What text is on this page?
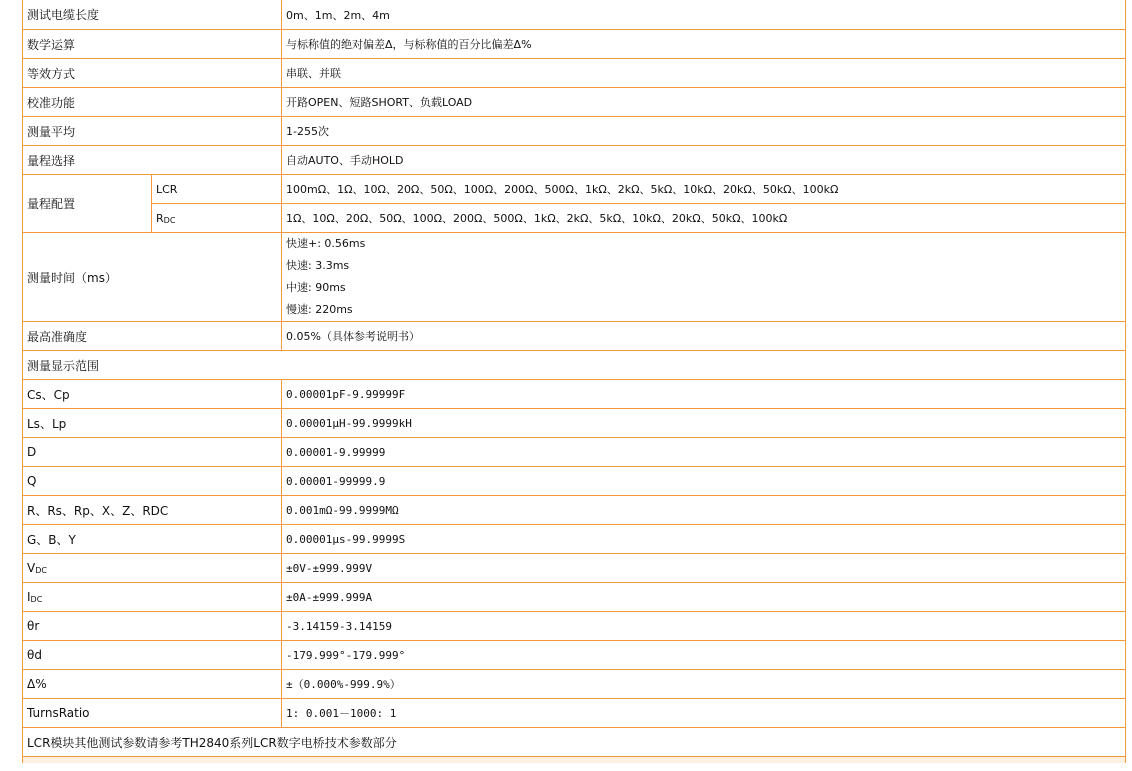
测试电缆长度		0m、1m、2m、4m
数学运算		与标称值的绝对偏差Δ，与标称值的百分比偏差Δ%
等效方式		串联、并联
校准功能		开路OPEN、短路SHORT、负载LOAD
测量平均		1-255次
量程选择		自动AUTO、手动HOLD
量程配置	LCR	100mΩ、1Ω、10Ω、20Ω、50Ω、100Ω、200Ω、500Ω、1kΩ、2kΩ、5kΩ、10kΩ、20kΩ、50kΩ、100kΩ
	$R_{DC}$	1Ω、10Ω、20Ω、50Ω、100Ω、200Ω、500Ω、1kΩ、2kΩ、5kΩ、10kΩ、20kΩ、50kΩ、100kΩ
测量时间（ms）		快速+: 0.56ms
快速: 3.3ms
中速: 90ms
慢速: 220ms

最高准确度		0.05%（具体参考说明书）
测量显示范围		
Cs、Cp		0.00001pF-9.99999F
Ls、Lp		0.00001μH-99.9999kH
D		0.00001-9.99999
Q		0.00001-99999.9
R、Rs、Rp、X、Z、RDC		0.001mΩ-99.9999MΩ
G、B、Y		0.00001μs-99.9999S
$V_{DC}$		±0V-±999.999V
$I_{DC}$		±0A-±999.999A
θr		-3.14159-3.14159
θd		-179.999°-179.999°
Δ%		±（0.000%-999.9%）
TurnsRatio		1: 0.001－1000: 1
LCR模块其他测试参数请参考TH2840系列LCR数字电桥技术参数部分		
